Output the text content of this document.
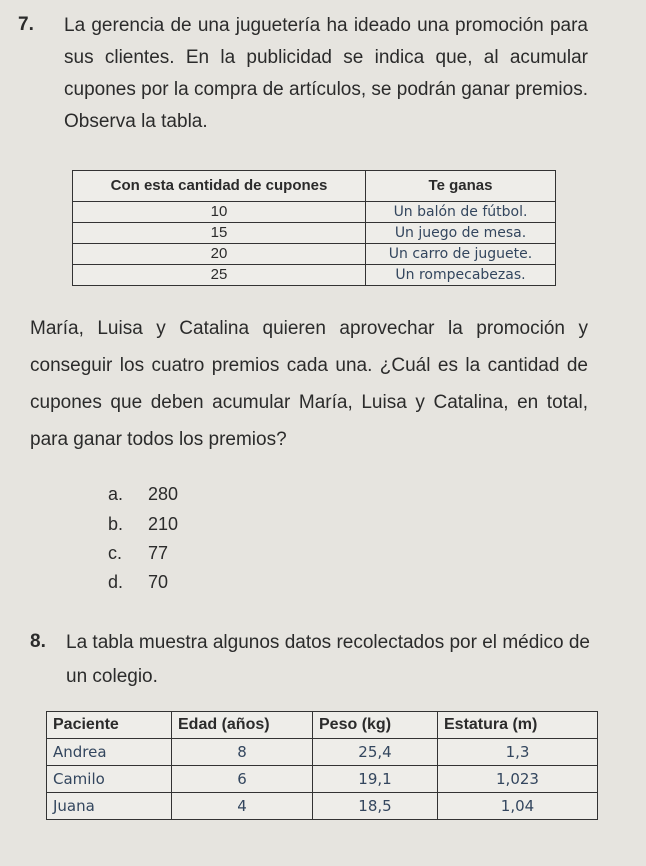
7. La gerencia de una juguetería ha ideado una promoción para sus clientes. En la publicidad se indica que, al acumular cupones por la compra de artículos, se podrán ganar premios. Observa la tabla.

Con esta cantidad de cupones	Te ganas
10	Un balón de fútbol.
15	Un juego de mesa.
20	Un carro de juguete.
25	Un rompecabezas.

María, Luisa y Catalina quieren aprovechar la promoción y conseguir los cuatro premios cada una. ¿Cuál es la cantidad de cupones que deben acumular María, Luisa y Catalina, en total, para ganar todos los premios?

a. 280
b. 210
c. 77
d. 70
8. La tabla muestra algunos datos recolectados por el médico de un colegio.

Paciente	Edad (años)	Peso (kg)	Estatura (m)
Andrea	8	25,4	1,3
Camilo	6	19,1	1,023
Juana	4	18,5	1,04
